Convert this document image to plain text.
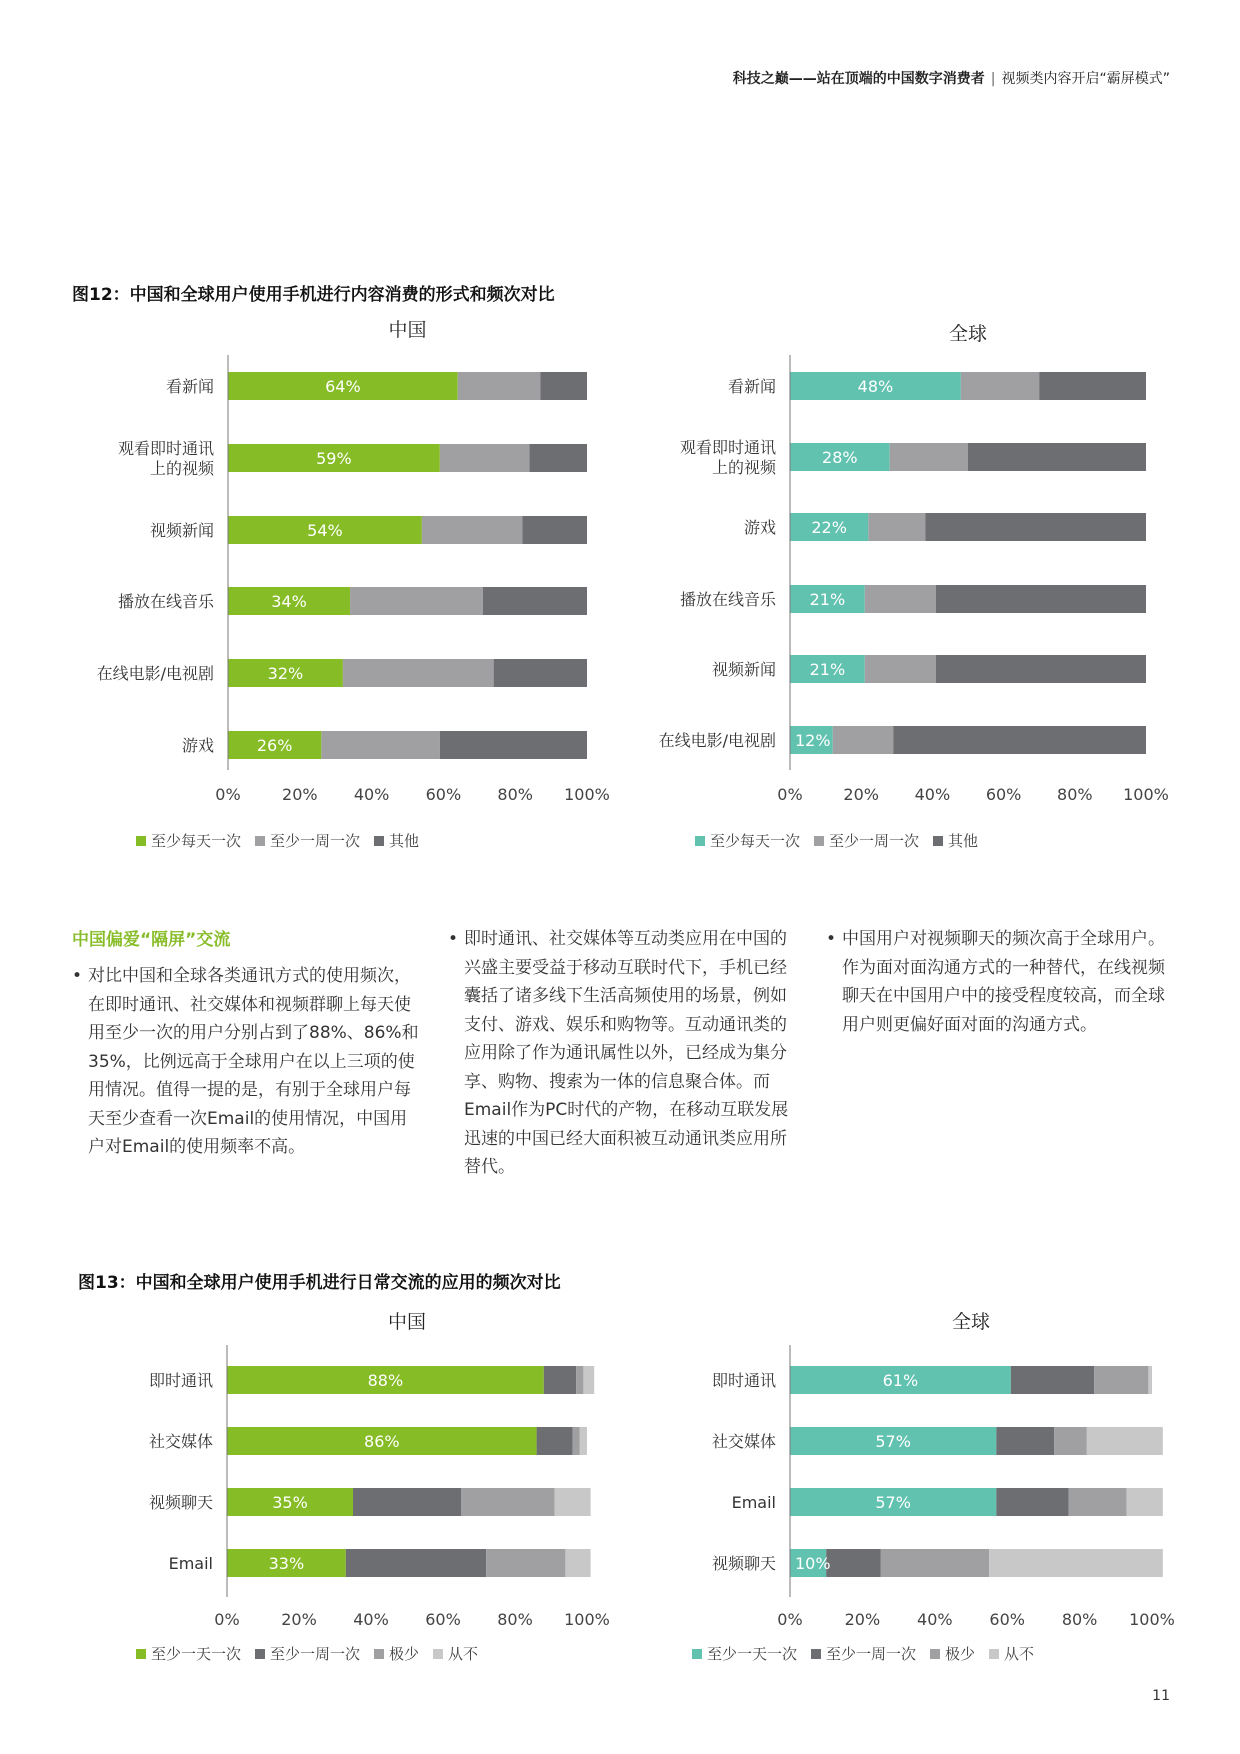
科技之巅——站在顶端的中国数字消费者 | 视频类内容开启“霸屏模式”
图12：中国和全球用户使用手机进行内容消费的形式和频次对比
中国
64%
看新闻
59%
观看即时通讯
上的视频
54%
视频新闻
34%
播放在线音乐
32%
在线电影/电视剧
26%
游戏
0%	20% 40% 60% 80% 100%
全球
48%
看新闻
28%
观看即时通讯
上的视频
22%
游戏
21%
播放在线音乐
21%
视频新闻
12%
在线电影/电视剧
0%	20% 40% 60% 80% 100%
中国
88%
即时通讯
86%
社交媒体
35%
视频聊天
33%
Email
0%	20% 40% 60% 80% 100%
全球
61%
即时通讯
57%
社交媒体
57%
Email
10%
视频聊天
0%	20% 40% 60% 80% 100%
至少每天一次 至少一周一次 其他	至少每天一次 至少一周一次 其他
中国偏爱“隔屏”交流
• 对比中国和全球各类通讯方式的使用频次，在即时通讯、社交媒体和视频群聊上每天使用至少一次的用户分别占到了88%、86%和35%，比例远高于全球用户在以上三项的使用情况。值得一提的是，有别于全球用户每天至少查看一次Email的使用情况，中国用户对Email的使用频率不高。
• 即时通讯、社交媒体等互动类应用在中国的兴盛主要受益于移动互联时代下，手机已经囊括了诸多线下生活高频使用的场景，例如支付、游戏、娱乐和购物等。互动通讯类的应用除了作为通讯属性以外，已经成为集分享、购物、搜索为一体的信息聚合体。而Email作为PC时代的产物，在移动互联发展迅速的中国已经大面积被互动通讯类应用所替代。
• 中国用户对视频聊天的频次高于全球用户。作为面对面沟通方式的一种替代，在线视频聊天在中国用户中的接受程度较高，而全球用户则更偏好面对面的沟通方式。
图13：中国和全球用户使用手机进行日常交流的应用的频次对比
至少一天一次 至少一周一次 极少 从不	至少一天一次 至少一周一次 极少 从不
11
